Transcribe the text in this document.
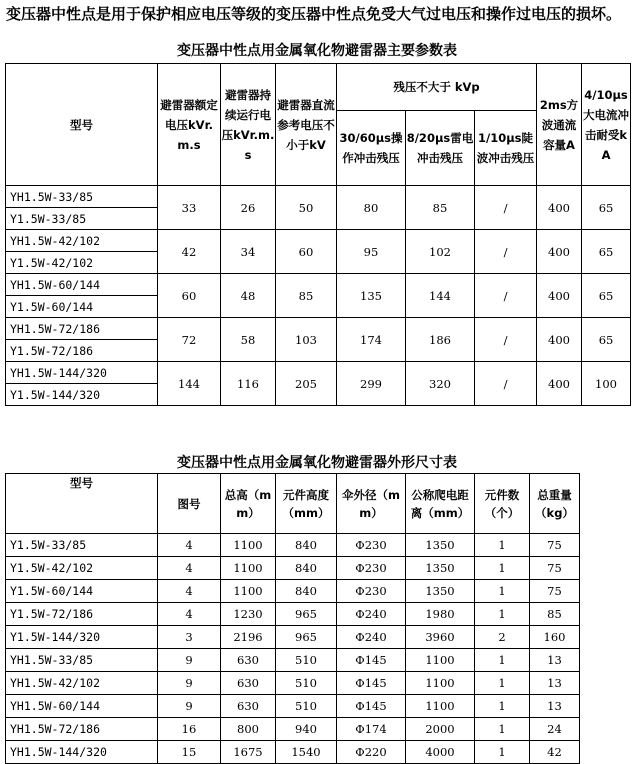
变压器中性点是用于保护相应电压等级的变压器中性点免受大气过电压和操作过电压的损坏。
变压器中性点用金属氧化物避雷器主要参数表
型号	避雷器额定电压kVr.m.s	避雷器持续运行电压kVr.m.s	避雷器直流参考电压不小于kV	残压不大于 kVp			2ms方波通流容量A	4/10μs大电流冲击耐受kA
				30/60μs操作冲击残压	8/20μs雷电冲击残压	1/10μs陡波冲击残压		
YH1.5W-33/85	33	26	50	80	85	/	400	65
Y1.5W-33/85								
YH1.5W-42/102	42	34	60	95	102	/	400	65
Y1.5W-42/102								
YH1.5W-60/144	60	48	85	135	144	/	400	65
Y1.5W-60/144								
YH1.5W-72/186	72	58	103	174	186	/	400	65
Y1.5W-72/186								
YH1.5W-144/320	144	116	205	299	320	/	400	100
Y1.5W-144/320								
变压器中性点用金属氧化物避雷器外形尺寸表
型号	图号	总高（mm）	元件高度（mm）	伞外径（mm）	公称爬电距离（mm）	元件数（个）	总重量（kg）
Y1.5W-33/85	4	1100	840	Φ230	1350	1	75
Y1.5W-42/102	4	1100	840	Φ230	1350	1	75
Y1.5W-60/144	4	1100	840	Φ230	1350	1	75
Y1.5W-72/186	4	1230	965	Φ240	1980	1	85
Y1.5W-144/320	3	2196	965	Φ240	3960	2	160
YH1.5W-33/85	9	630	510	Φ145	1100	1	13
YH1.5W-42/102	9	630	510	Φ145	1100	1	13
YH1.5W-60/144	9	630	510	Φ145	1100	1	13
YH1.5W-72/186	16	800	940	Φ174	2000	1	24
YH1.5W-144/320	15	1675	1540	Φ220	4000	1	42
